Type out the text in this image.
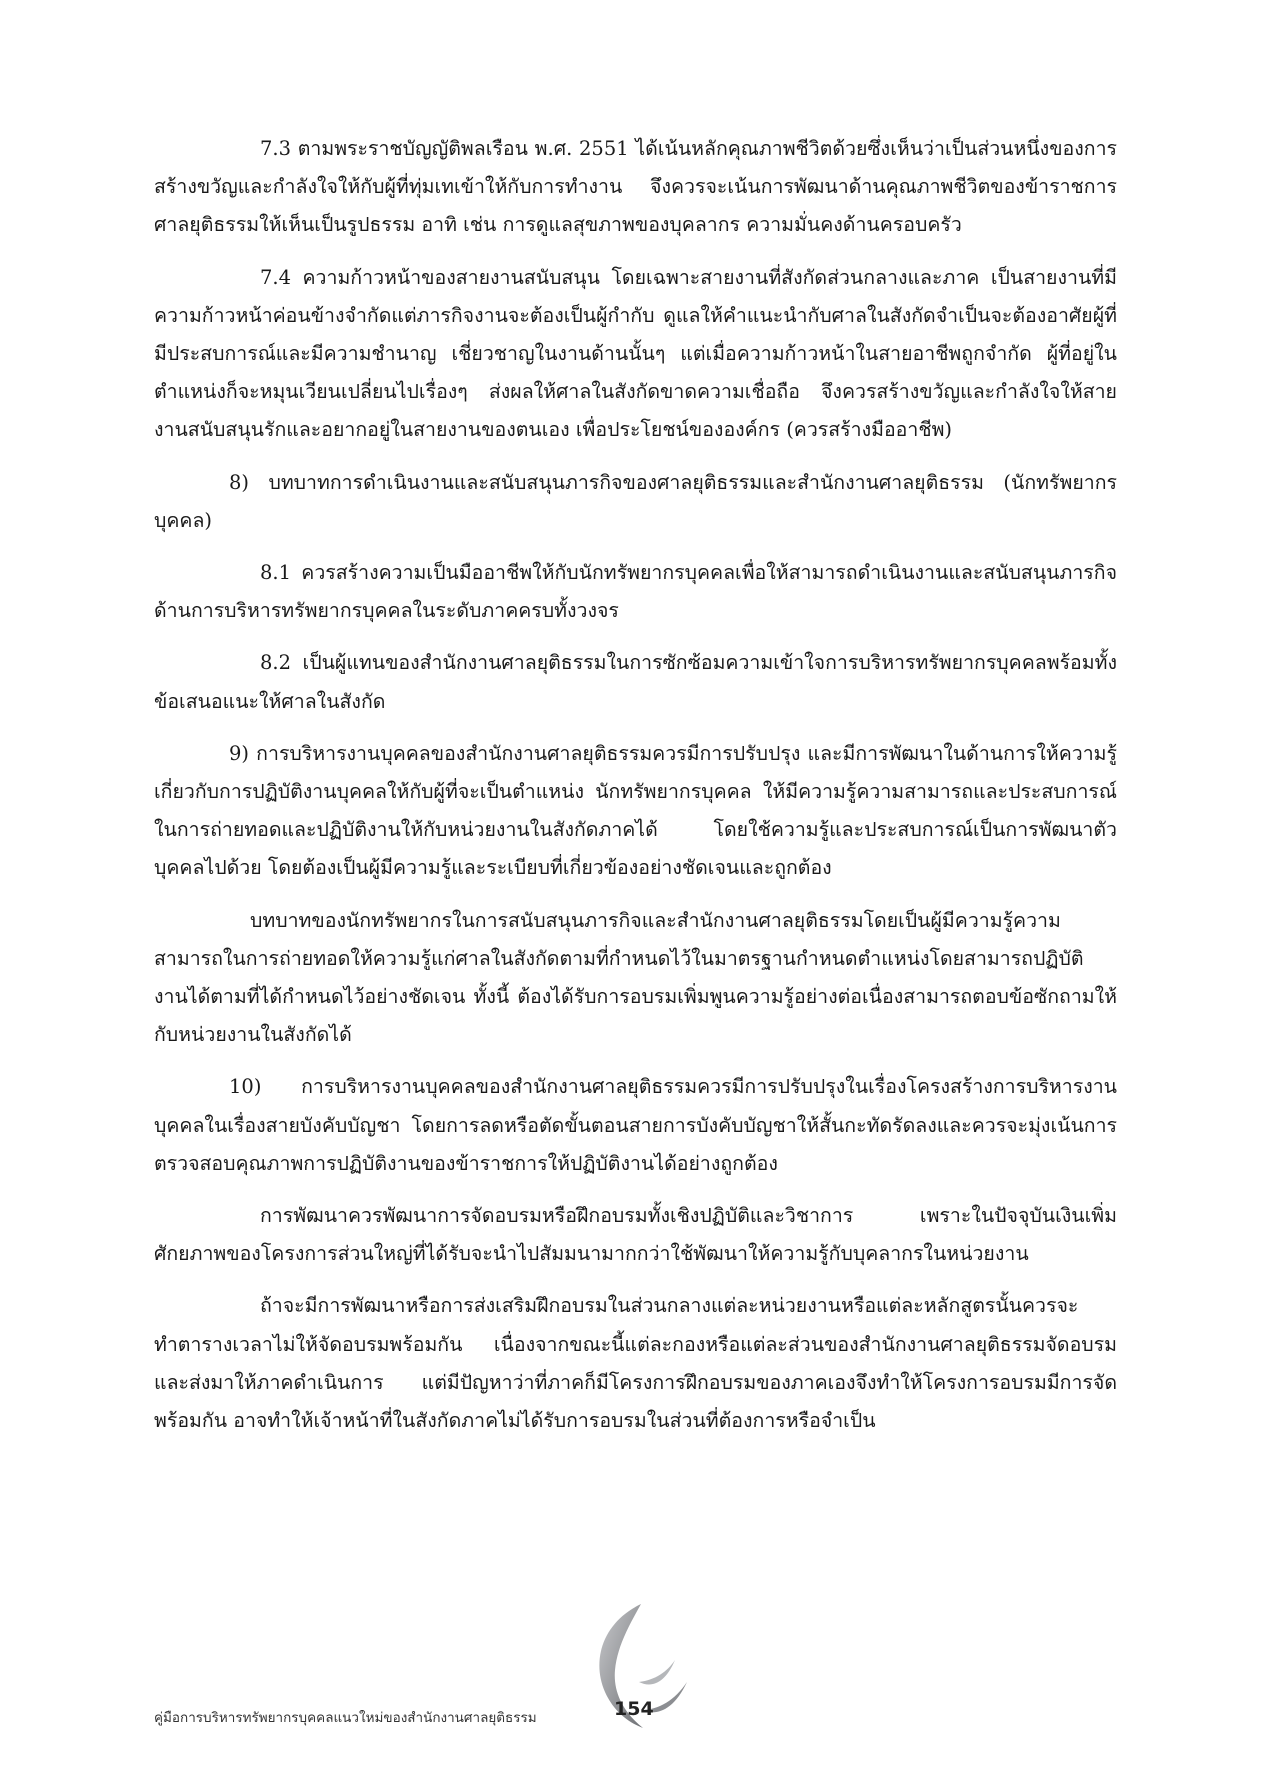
7.3 ตามพระราชบัญญัติพลเรือน พ.ศ. 2551 ได้เน้นหลักคุณภาพชีวิตด้วยซึ่งเห็นว่าเป็นส่วนหนึ่งของการสร้างขวัญและกำลังใจให้กับผู้ที่ทุ่มเทเข้าให้กับการทำงาน จึงควรจะเน้นการพัฒนาด้านคุณภาพชีวิตของข้าราชการศาลยุติธรรมให้เห็นเป็นรูปธรรม อาทิ เช่น การดูแลสุขภาพของบุคลากร ความมั่นคงด้านครอบครัว

7.4 ความก้าวหน้าของสายงานสนับสนุน โดยเฉพาะสายงานที่สังกัดส่วนกลางและภาค เป็นสายงานที่มีความก้าวหน้าค่อนข้างจำกัดแต่ภารกิจงานจะต้องเป็นผู้กำกับ ดูแลให้คำแนะนำกับศาลในสังกัดจำเป็นจะต้องอาศัยผู้ที่มีประสบการณ์และมีความชำนาญ เชี่ยวชาญในงานด้านนั้นๆ แต่เมื่อความก้าวหน้าในสายอาชีพถูกจำกัด ผู้ที่อยู่ในตำแหน่งก็จะหมุนเวียนเปลี่ยนไปเรื่องๆ ส่งผลให้ศาลในสังกัดขาดความเชื่อถือ จึงควรสร้างขวัญและกำลังใจให้สายงานสนับสนุนรักและอยากอยู่ในสายงานของตนเอง เพื่อประโยชน์ขององค์กร (ควรสร้างมืออาชีพ)

8) บทบาทการดำเนินงานและสนับสนุนภารกิจของศาลยุติธรรมและสำนักงานศาลยุติธรรม (นักทรัพยากรบุคคล)

8.1 ควรสร้างความเป็นมืออาชีพให้กับนักทรัพยากรบุคคลเพื่อให้สามารถดำเนินงานและสนับสนุนภารกิจด้านการบริหารทรัพยากรบุคคลในระดับภาคครบทั้งวงจร

8.2 เป็นผู้แทนของสำนักงานศาลยุติธรรมในการซักซ้อมความเข้าใจการบริหารทรัพยากรบุคคลพร้อมทั้งข้อเสนอแนะให้ศาลในสังกัด

9) การบริหารงานบุคคลของสำนักงานศาลยุติธรรมควรมีการปรับปรุง และมีการพัฒนาในด้านการให้ความรู้เกี่ยวกับการปฏิบัติงานบุคคลให้กับผู้ที่จะเป็นตำแหน่ง นักทรัพยากรบุคคล ให้มีความรู้ความสามารถและประสบการณ์ในการถ่ายทอดและปฏิบัติงานให้กับหน่วยงานในสังกัดภาคได้ โดยใช้ความรู้และประสบการณ์เป็นการพัฒนาตัวบุคคลไปด้วย โดยต้องเป็นผู้มีความรู้และระเบียบที่เกี่ยวข้องอย่างชัดเจนและถูกต้อง

บทบาทของนักทรัพยากรในการสนับสนุนภารกิจและสำนักงานศาลยุติธรรมโดยเป็นผู้มีความรู้ความสามารถในการถ่ายทอดให้ความรู้แก่ศาลในสังกัดตามที่กำหนดไว้ในมาตรฐานกำหนดตำแหน่งโดยสามารถปฏิบัติงานได้ตามที่ได้กำหนดไว้อย่างชัดเจน ทั้งนี้ ต้องได้รับการอบรมเพิ่มพูนความรู้อย่างต่อเนื่องสามารถตอบข้อซักถามให้กับหน่วยงานในสังกัดได้

10) การบริหารงานบุคคลของสำนักงานศาลยุติธรรมควรมีการปรับปรุงในเรื่องโครงสร้างการบริหารงานบุคคลในเรื่องสายบังคับบัญชา โดยการลดหรือตัดขั้นตอนสายการบังคับบัญชาให้สั้นกะทัดรัดลงและควรจะมุ่งเน้นการตรวจสอบคุณภาพการปฏิบัติงานของข้าราชการให้ปฏิบัติงานได้อย่างถูกต้อง

การพัฒนาควรพัฒนาการจัดอบรมหรือฝึกอบรมทั้งเชิงปฏิบัติและวิชาการ เพราะในปัจจุบันเงินเพิ่มศักยภาพของโครงการส่วนใหญ่ที่ได้รับจะนำไปสัมมนามากกว่าใช้พัฒนาให้ความรู้กับบุคลากรในหน่วยงาน

ถ้าจะมีการพัฒนาหรือการส่งเสริมฝึกอบรมในส่วนกลางแต่ละหน่วยงานหรือแต่ละหลักสูตรนั้นควรจะทำตารางเวลาไม่ให้จัดอบรมพร้อมกัน เนื่องจากขณะนี้แต่ละกองหรือแต่ละส่วนของสำนักงานศาลยุติธรรมจัดอบรมและส่งมาให้ภาคดำเนินการ แต่มีปัญหาว่าที่ภาคก็มีโครงการฝึกอบรมของภาคเองจึงทำให้โครงการอบรมมีการจัดพร้อมกัน อาจทำให้เจ้าหน้าที่ในสังกัดภาคไม่ได้รับการอบรมในส่วนที่ต้องการหรือจำเป็น

คู่มือการบริหารทรัพยากรบุคคลแนวใหม่ของสำนักงานศาลยุติธรรม	154
